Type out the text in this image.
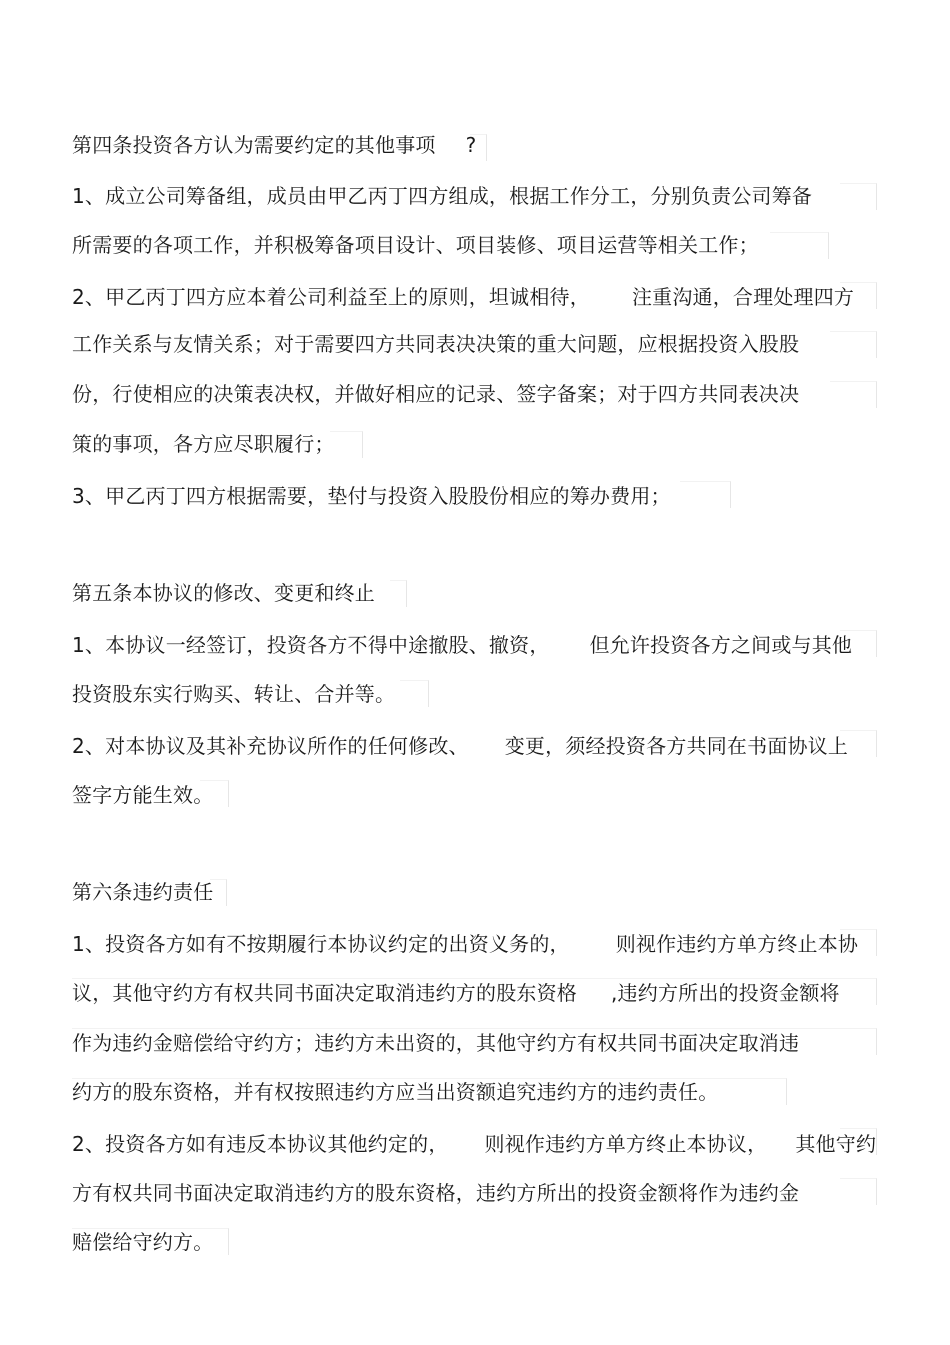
第四条投资各方认为需要约定的其他事项 ?
1、成立公司筹备组，成员由甲乙丙丁四方组成，根据工作分工，分别负责公司筹备
所需要的各项工作，并积极筹备项目设计、项目装修、项目运营等相关工作；
2、甲乙丙丁四方应本着公司利益至上的原则，坦诚相待， 注重沟通，合理处理四方
工作关系与友情关系；对于需要四方共同表决决策的重大问题，应根据投资入股股
份，行使相应的决策表决权，并做好相应的记录、签字备案；对于四方共同表决决
策的事项，各方应尽职履行；
3、甲乙丙丁四方根据需要，垫付与投资入股股份相应的筹办费用；
第五条本协议的修改、变更和终止
1、本协议一经签订，投资各方不得中途撤股、撤资， 但允许投资各方之间或与其他
投资股东实行购买、转让、合并等。
2、对本协议及其补充协议所作的任何修改、 变更，须经投资各方共同在书面协议上
签字方能生效。
第六条违约责任
1、投资各方如有不按期履行本协议约定的出资义务的， 则视作违约方单方终止本协
议，其他守约方有权共同书面决定取消违约方的股东资格 ,违约方所出的投资金额将
作为违约金赔偿给守约方；违约方未出资的，其他守约方有权共同书面决定取消违
约方的股东资格，并有权按照违约方应当出资额追究违约方的违约责任。
2、投资各方如有违反本协议其他约定的， 则视作违约方单方终止本协议， 其他守约
方有权共同书面决定取消违约方的股东资格，违约方所出的投资金额将作为违约金
赔偿给守约方。
